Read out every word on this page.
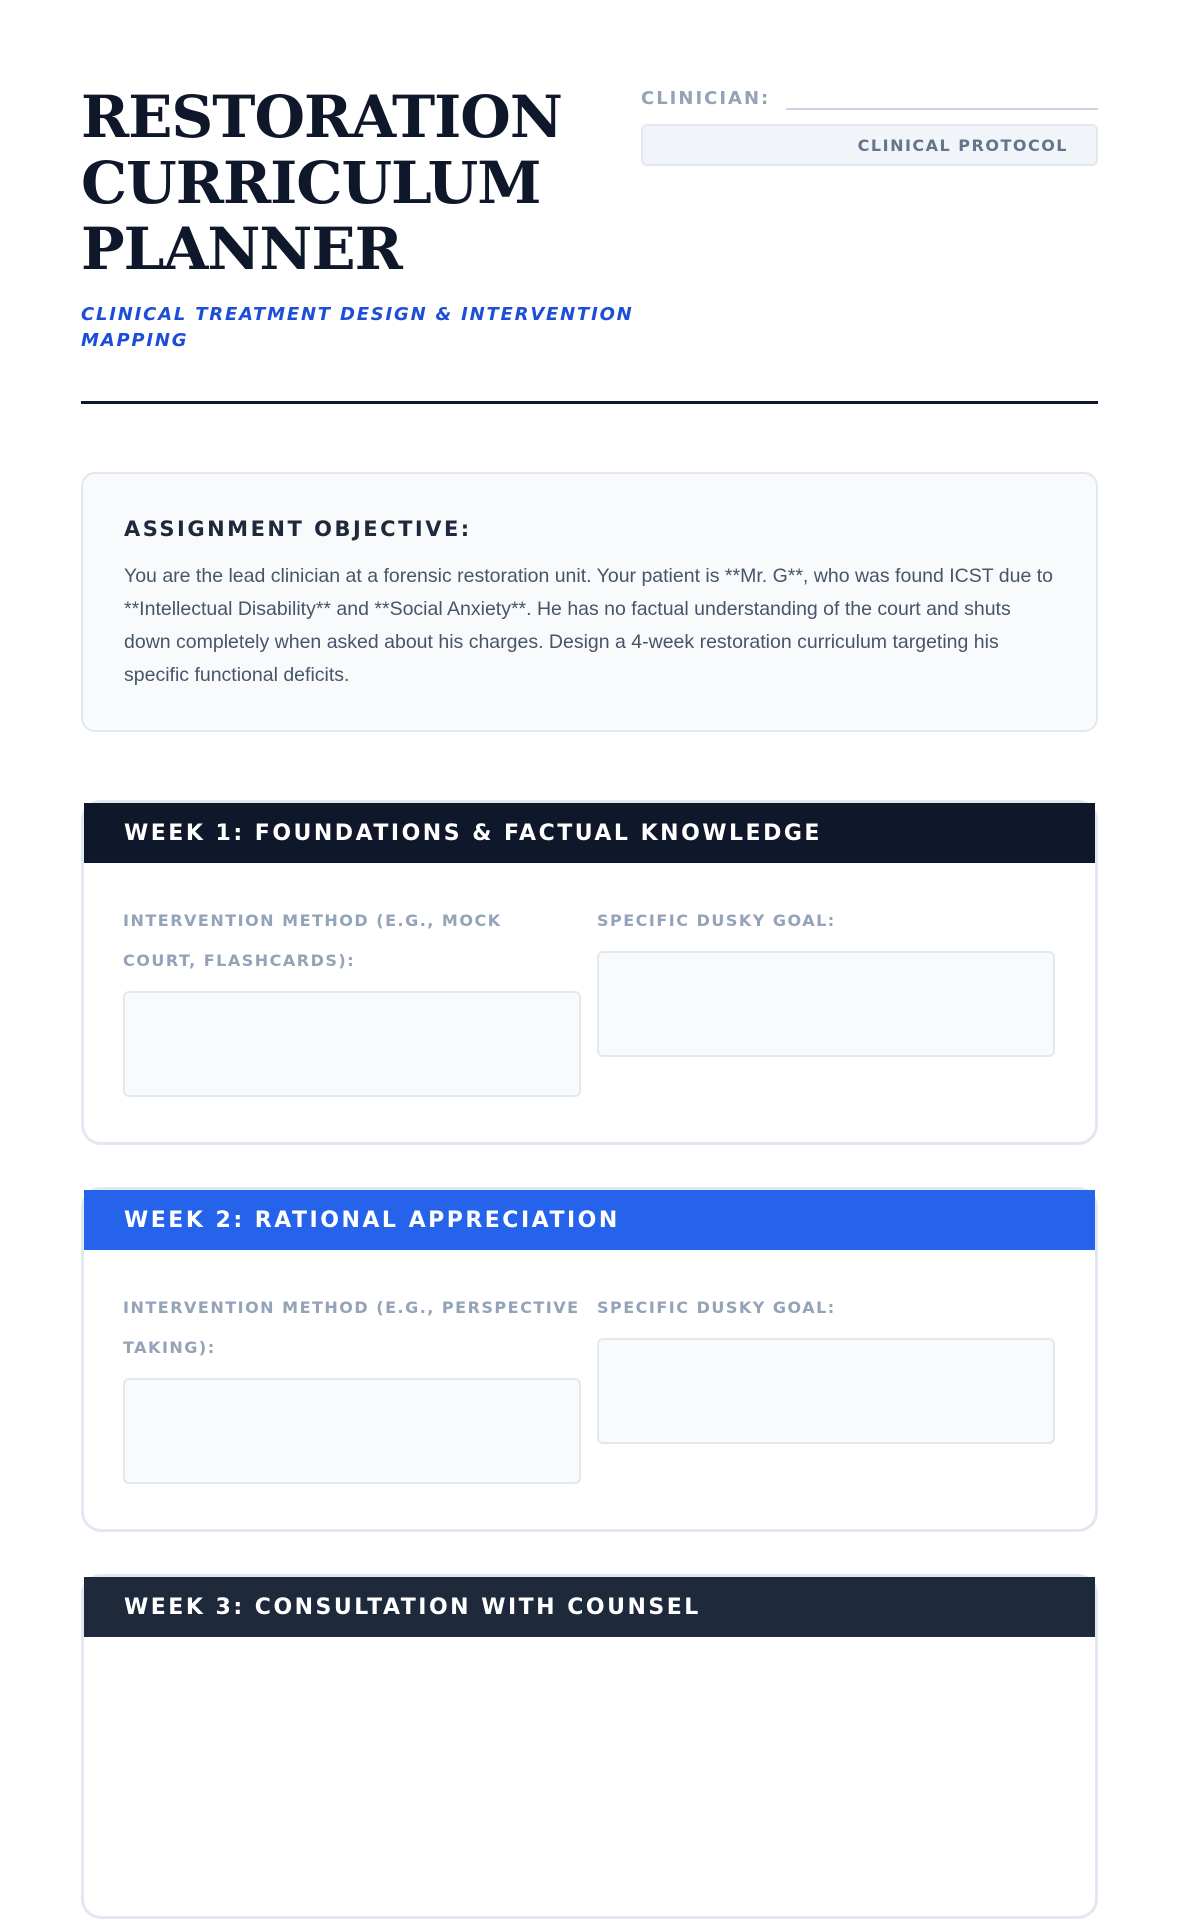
RESTORATION
CURRICULUM
PLANNER
CLINICAL TREATMENT DESIGN & INTERVENTION MAPPING
CLINICIAN:
CLINICAL PROTOCOL
ASSIGNMENT OBJECTIVE:

You are the lead clinician at a forensic restoration unit. Your patient is **Mr. G**, who was found ICST due to **Intellectual Disability** and **Social Anxiety**. He has no factual understanding of the court and shuts down completely when asked about his charges. Design a 4-week restoration curriculum targeting his specific functional deficits.

WEEK 1: FOUNDATIONS & FACTUAL KNOWLEDGE
INTERVENTION METHOD (E.G., MOCK COURT, FLASHCARDS):
SPECIFIC DUSKY GOAL:
WEEK 2: RATIONAL APPRECIATION
INTERVENTION METHOD (E.G., PERSPECTIVE TAKING):
SPECIFIC DUSKY GOAL:
WEEK 3: CONSULTATION WITH COUNSEL
